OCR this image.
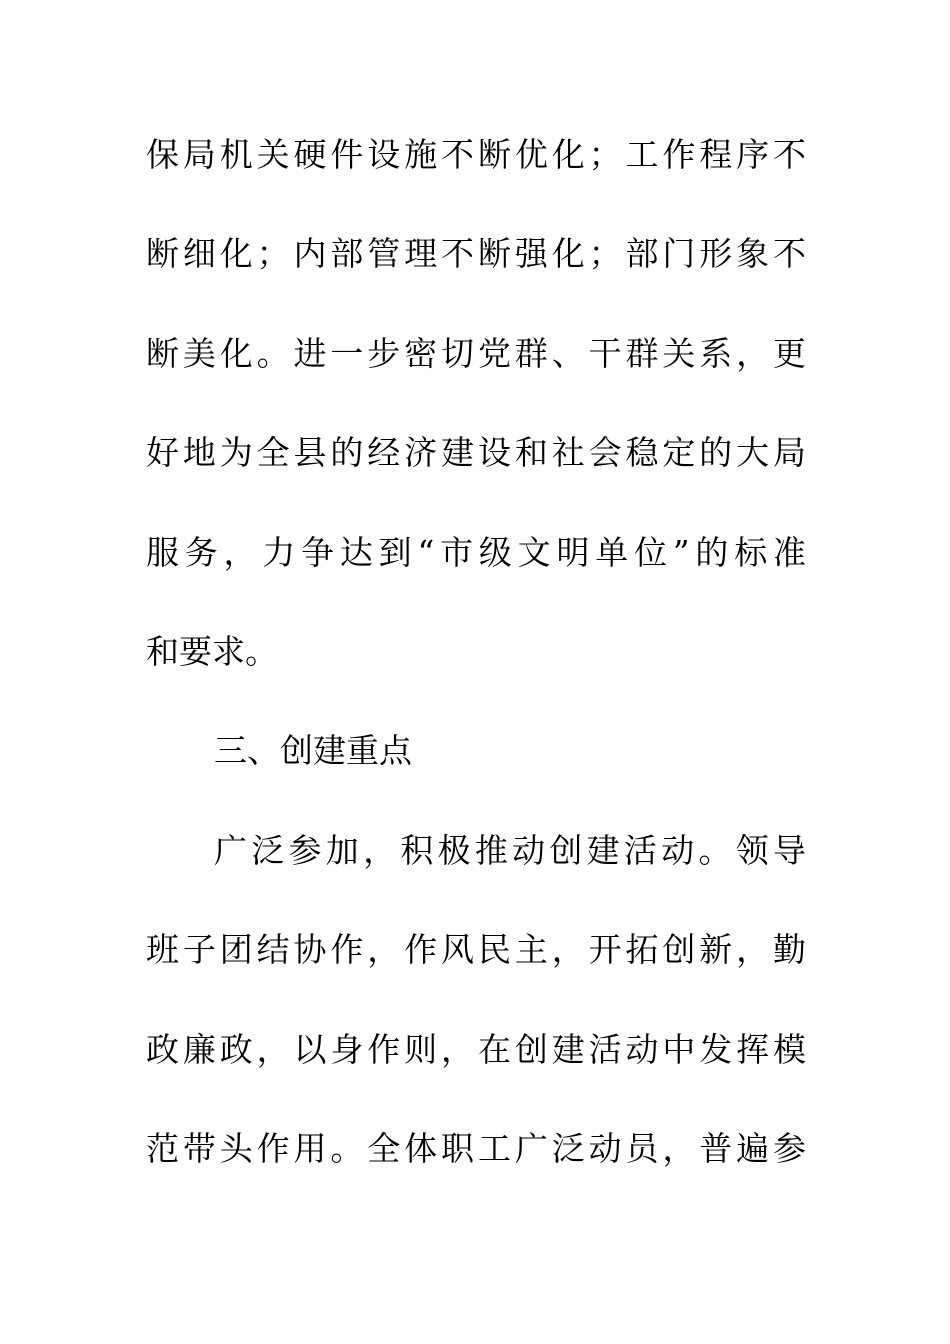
保局机关硬件设施不断优化；工作程序不
断细化；内部管理不断强化；部门形象不
断美化。进一步密切党群、干群关系，更
好地为全县的经济建设和社会稳定的大局
服务，力争达到“市级文明单位”的标准
和要求。
三、创建重点
广泛参加，积极推动创建活动。领导
班子团结协作，作风民主，开拓创新，勤
政廉政，以身作则，在创建活动中发挥模
范带头作用。全体职工广泛动员，普遍参
